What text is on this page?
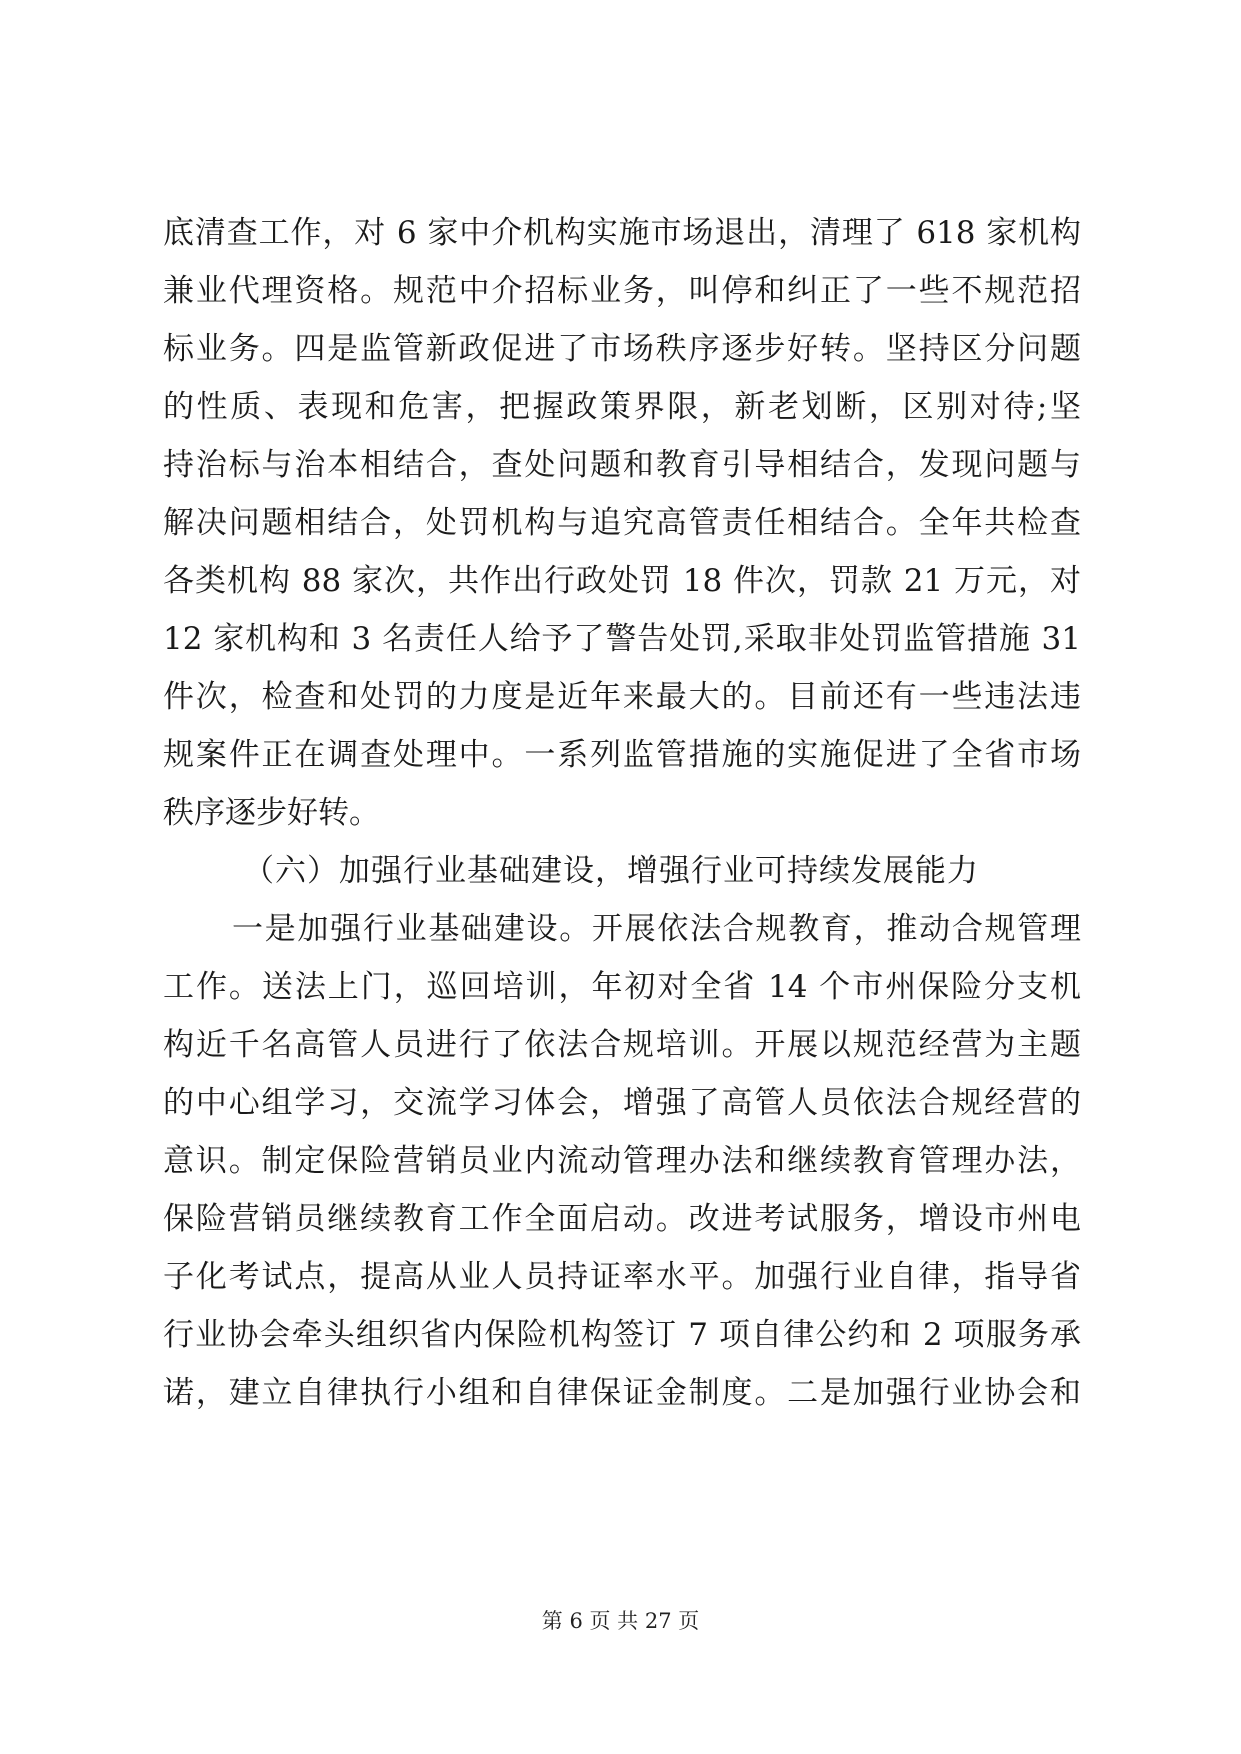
底清查工作，对 6 家中介机构实施市场退出，清理了 618 家机构
兼业代理资格。规范中介招标业务，叫停和纠正了一些不规范招
标业务。四是监管新政促进了市场秩序逐步好转。坚持区分问题
的性质、表现和危害，把握政策界限，新老划断，区别对待;坚
持治标与治本相结合，查处问题和教育引导相结合，发现问题与
解决问题相结合，处罚机构与追究高管责任相结合。全年共检查
各类机构 88 家次，共作出行政处罚 18 件次，罚款 21 万元，对
12 家机构和 3 名责任人给予了警告处罚,采取非处罚监管措施 31
件次，检查和处罚的力度是近年来最大的。目前还有一些违法违
规案件正在调查处理中。一系列监管措施的实施促进了全省市场
秩序逐步好转。
（六）加强行业基础建设，增强行业可持续发展能力
一是加强行业基础建设。开展依法合规教育，推动合规管理
工作。送法上门，巡回培训，年初对全省 14 个市州保险分支机
构近千名高管人员进行了依法合规培训。开展以规范经营为主题
的中心组学习，交流学习体会，增强了高管人员依法合规经营的
意识。制定保险营销员业内流动管理办法和继续教育管理办法，
保险营销员继续教育工作全面启动。改进考试服务，增设市州电
子化考试点，提高从业人员持证率水平。加强行业自律，指导省
行业协会牵头组织省内保险机构签订 7 项自律公约和 2 项服务承
诺，建立自律执行小组和自律保证金制度。二是加强行业协会和
第 6 页 共 27 页
